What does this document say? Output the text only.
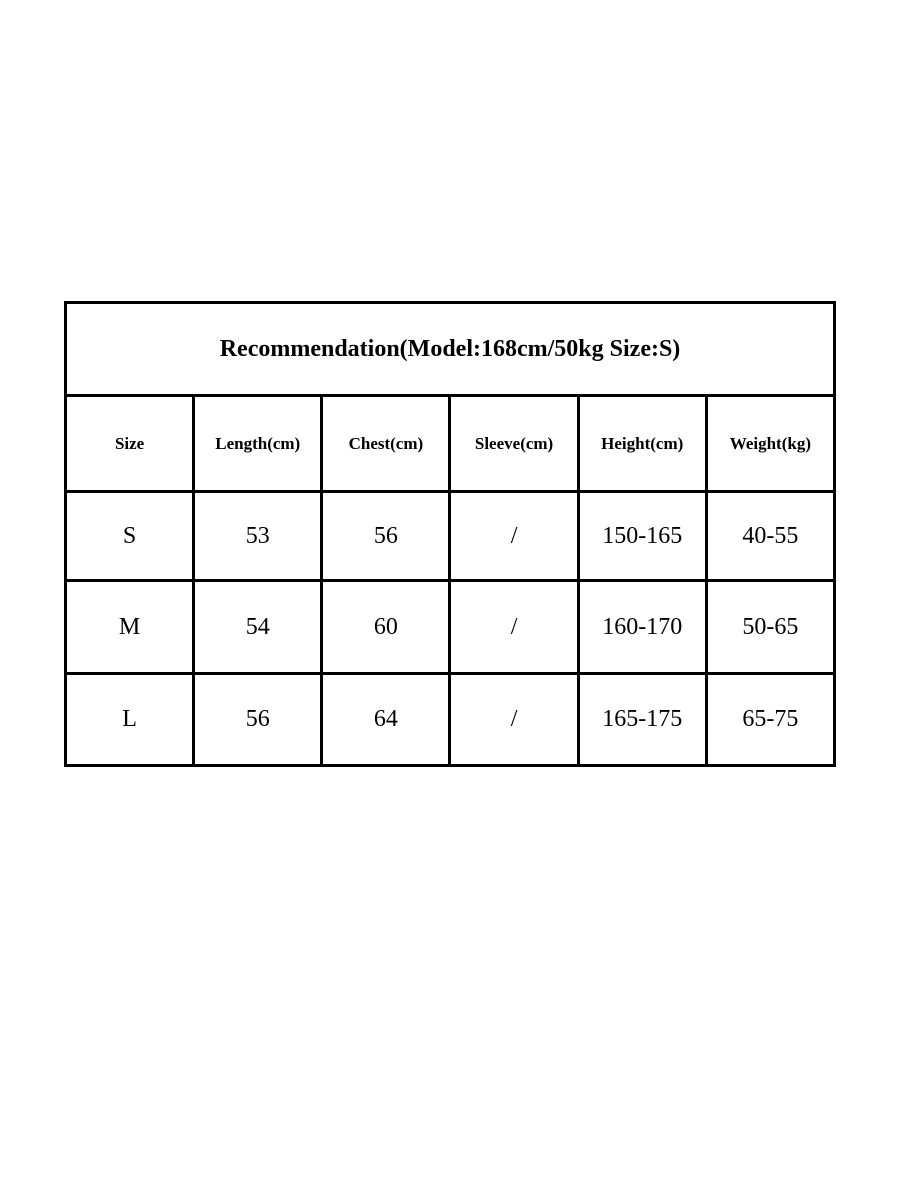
Recommendation(Model:168cm/50kg Size:S)					
Size	Length(cm)	Chest(cm)	Sleeve(cm)	Height(cm)	Weight(kg)
S	53	56	/	150-165	40-55
M	54	60	/	160-170	50-65
L	56	64	/	165-175	65-75
